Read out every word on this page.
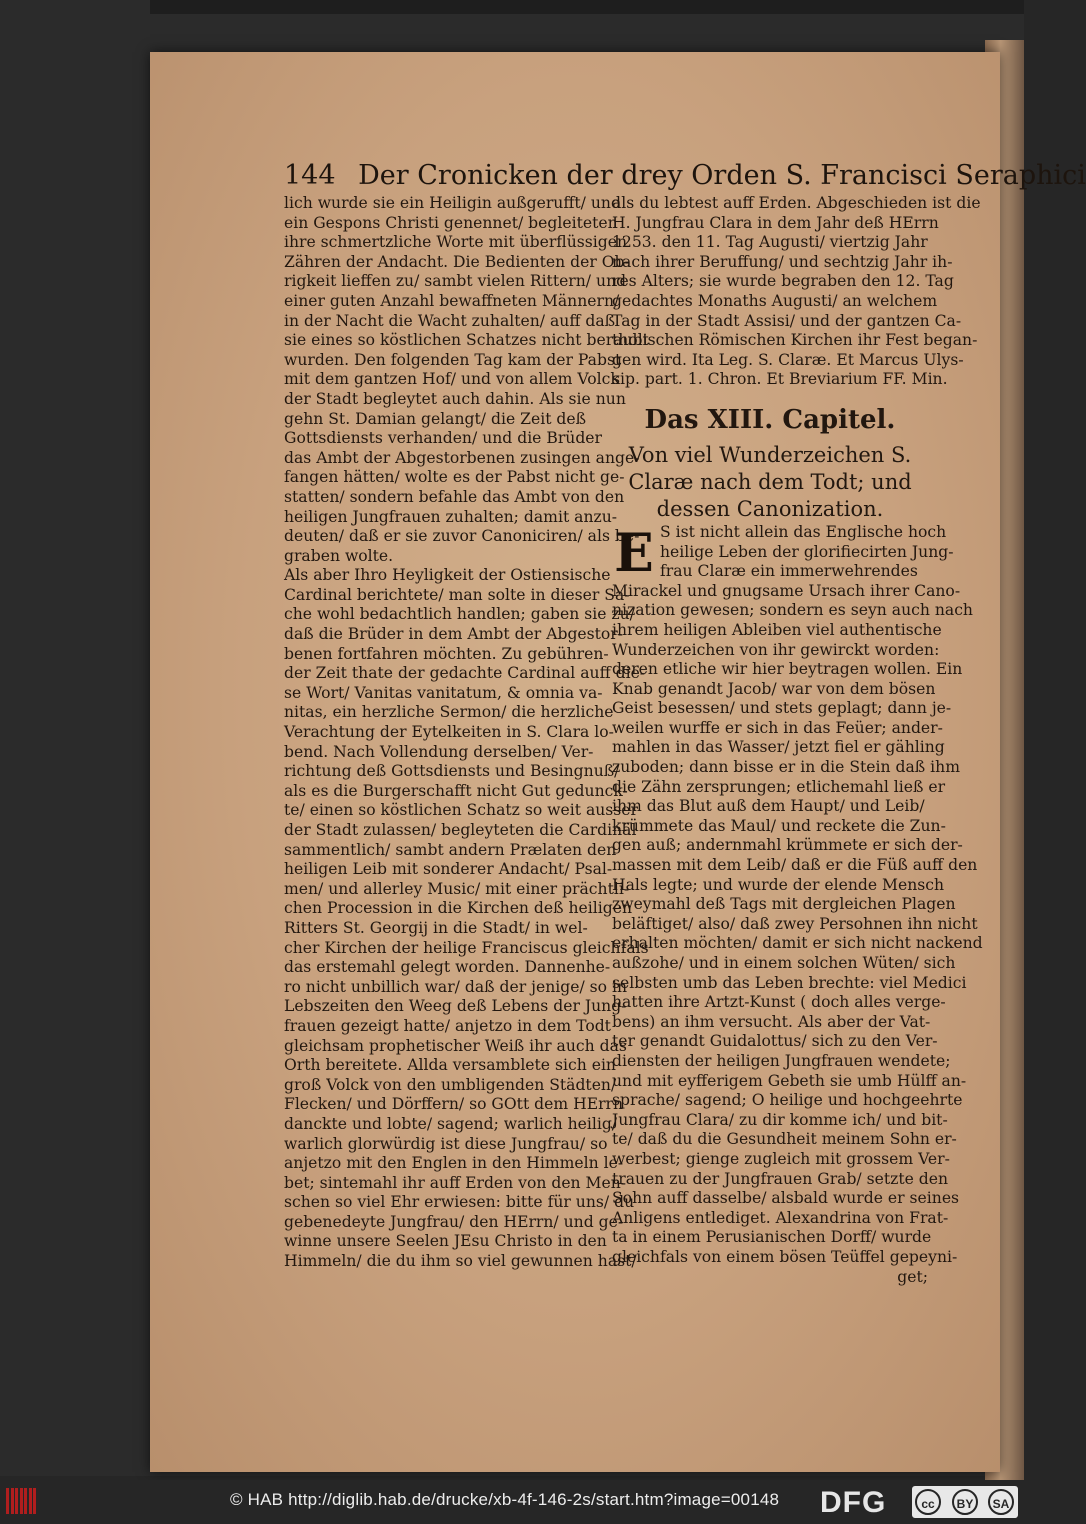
144 Der Cronicken der drey Orden S. Francisci Seraphici
lich wurde sie ein Heiligin außgerufft/ und
ein Gespons Christi genennet/ begleiteten
ihre schmertzliche Worte mit überflüssigen
Zähren der Andacht. Die Bedienten der Ob-
rigkeit lieffen zu/ sambt vielen Rittern/ und
einer guten Anzahl bewaffneten Männern/
in der Nacht die Wacht zuhalten/ auff daß
sie eines so köstlichen Schatzes nicht beraubt
wurden. Den folgenden Tag kam der Pabst
mit dem gantzen Hof/ und von allem Volck
der Stadt begleytet auch dahin. Als sie nun
gehn St. Damian gelangt/ die Zeit deß
Gottsdiensts verhanden/ und die Brüder
das Ambt der Abgestorbenen zusingen ange-
fangen hätten/ wolte es der Pabst nicht ge-
statten/ sondern befahle das Ambt von den
heiligen Jungfrauen zuhalten; damit anzu-
deuten/ daß er sie zuvor Canoniciren/ als be-
graben wolte.
Als aber Ihro Heyligkeit der Ostiensische
Cardinal berichtete/ man solte in dieser Sa-
che wohl bedachtlich handlen; gaben sie zu/
daß die Brüder in dem Ambt der Abgestor-
benen fortfahren möchten. Zu gebühren-
der Zeit thate der gedachte Cardinal auff die-
se Wort/ Vanitas vanitatum, & omnia va-
nitas, ein herzliche Sermon/ die herzliche
Verachtung der Eytelkeiten in S. Clara lo-
bend. Nach Vollendung derselben/ Ver-
richtung deß Gottsdiensts und Besingnuß/
als es die Burgerschafft nicht Gut gedunck-
te/ einen so köstlichen Schatz so weit ausser
der Stadt zulassen/ begleyteten die Cardinäl
sammentlich/ sambt andern Prælaten den
heiligen Leib mit sonderer Andacht/ Psal-
men/ und allerley Music/ mit einer prächtli-
chen Procession in die Kirchen deß heiligen
Ritters St. Georgij in die Stadt/ in wel-
cher Kirchen der heilige Franciscus gleichfals
das erstemahl gelegt worden. Dannenhe-
ro nicht unbillich war/ daß der jenige/ so in
Lebszeiten den Weeg deß Lebens der Jung-
frauen gezeigt hatte/ anjetzo in dem Todt
gleichsam prophetischer Weiß ihr auch das
Orth bereitete. Allda versamblete sich ein
groß Volck von den umbligenden Städten/
Flecken/ und Dörffern/ so GOtt dem HErrn
danckte und lobte/ sagend; warlich heilig/
warlich glorwürdig ist diese Jungfrau/ so
anjetzo mit den Englen in den Himmeln le-
bet; sintemahl ihr auff Erden von den Men-
schen so viel Ehr erwiesen: bitte für uns/ du
gebenedeyte Jungfrau/ den HErrn/ und ge-
winne unsere Seelen JEsu Christo in den
Himmeln/ die du ihm so viel gewunnen hast/
als du lebtest auff Erden. Abgeschieden ist die
H. Jungfrau Clara in dem Jahr deß HErrn
1253. den 11. Tag Augusti/ viertzig Jahr
nach ihrer Beruffung/ und sechtzig Jahr ih-
res Alters; sie wurde begraben den 12. Tag
gedachtes Monaths Augusti/ an welchem
Tag in der Stadt Assisi/ und der gantzen Ca-
tholischen Römischen Kirchen ihr Fest began-
gen wird. Ita Leg. S. Claræ. Et Marcus Ulys-
sip. part. 1. Chron. Et Breviarium FF. Min.
Das XIII. Capitel.
Von viel Wunderzeichen S.
Claræ nach dem Todt; und
dessen Canonization.
E S ist nicht allein das Englische hoch
heilige Leben der glorifiecirten Jung-
frau Claræ ein immerwehrendes
Mirackel und gnugsame Ursach ihrer Cano-
nization gewesen; sondern es seyn auch nach
ihrem heiligen Ableiben viel authentische
Wunderzeichen von ihr gewirckt worden:
deren etliche wir hier beytragen wollen. Ein
Knab genandt Jacob/ war von dem bösen
Geist besessen/ und stets geplagt; dann je-
weilen wurffe er sich in das Feüer; ander-
mahlen in das Wasser/ jetzt fiel er gähling
zuboden; dann bisse er in die Stein daß ihm
die Zähn zersprungen; etlichemahl ließ er
ihm das Blut auß dem Haupt/ und Leib/
krümmete das Maul/ und reckete die Zun-
gen auß; andernmahl krümmete er sich der-
massen mit dem Leib/ daß er die Füß auff den
Hals legte; und wurde der elende Mensch
zweymahl deß Tags mit dergleichen Plagen
beläftiget/ also/ daß zwey Persohnen ihn nicht
erhalten möchten/ damit er sich nicht nackend
außzohe/ und in einem solchen Wüten/ sich
selbsten umb das Leben brechte: viel Medici
hatten ihre Artzt-Kunst ( doch alles verge-
bens) an ihm versucht. Als aber der Vat-
ter genandt Guidalottus/ sich zu den Ver-
diensten der heiligen Jungfrauen wendete;
und mit eyfferigem Gebeth sie umb Hülff an-
sprache/ sagend; O heilige und hochgeehrte
Jungfrau Clara/ zu dir komme ich/ und bit-
te/ daß du die Gesundheit meinem Sohn er-
werbest; gienge zugleich mit grossem Ver-
trauen zu der Jungfrauen Grab/ setzte den
Sohn auff dasselbe/ alsbald wurde er seines
Anligens entlediget. Alexandrina von Frat-
ta in einem Perusianischen Dorff/ wurde
gleichfals von einem bösen Teüffel gepeyni-
get;
© HAB http://diglib.hab.de/drucke/xb-4f-146-2s/start.htm?image=00148 DFG	cc	BY	SA
